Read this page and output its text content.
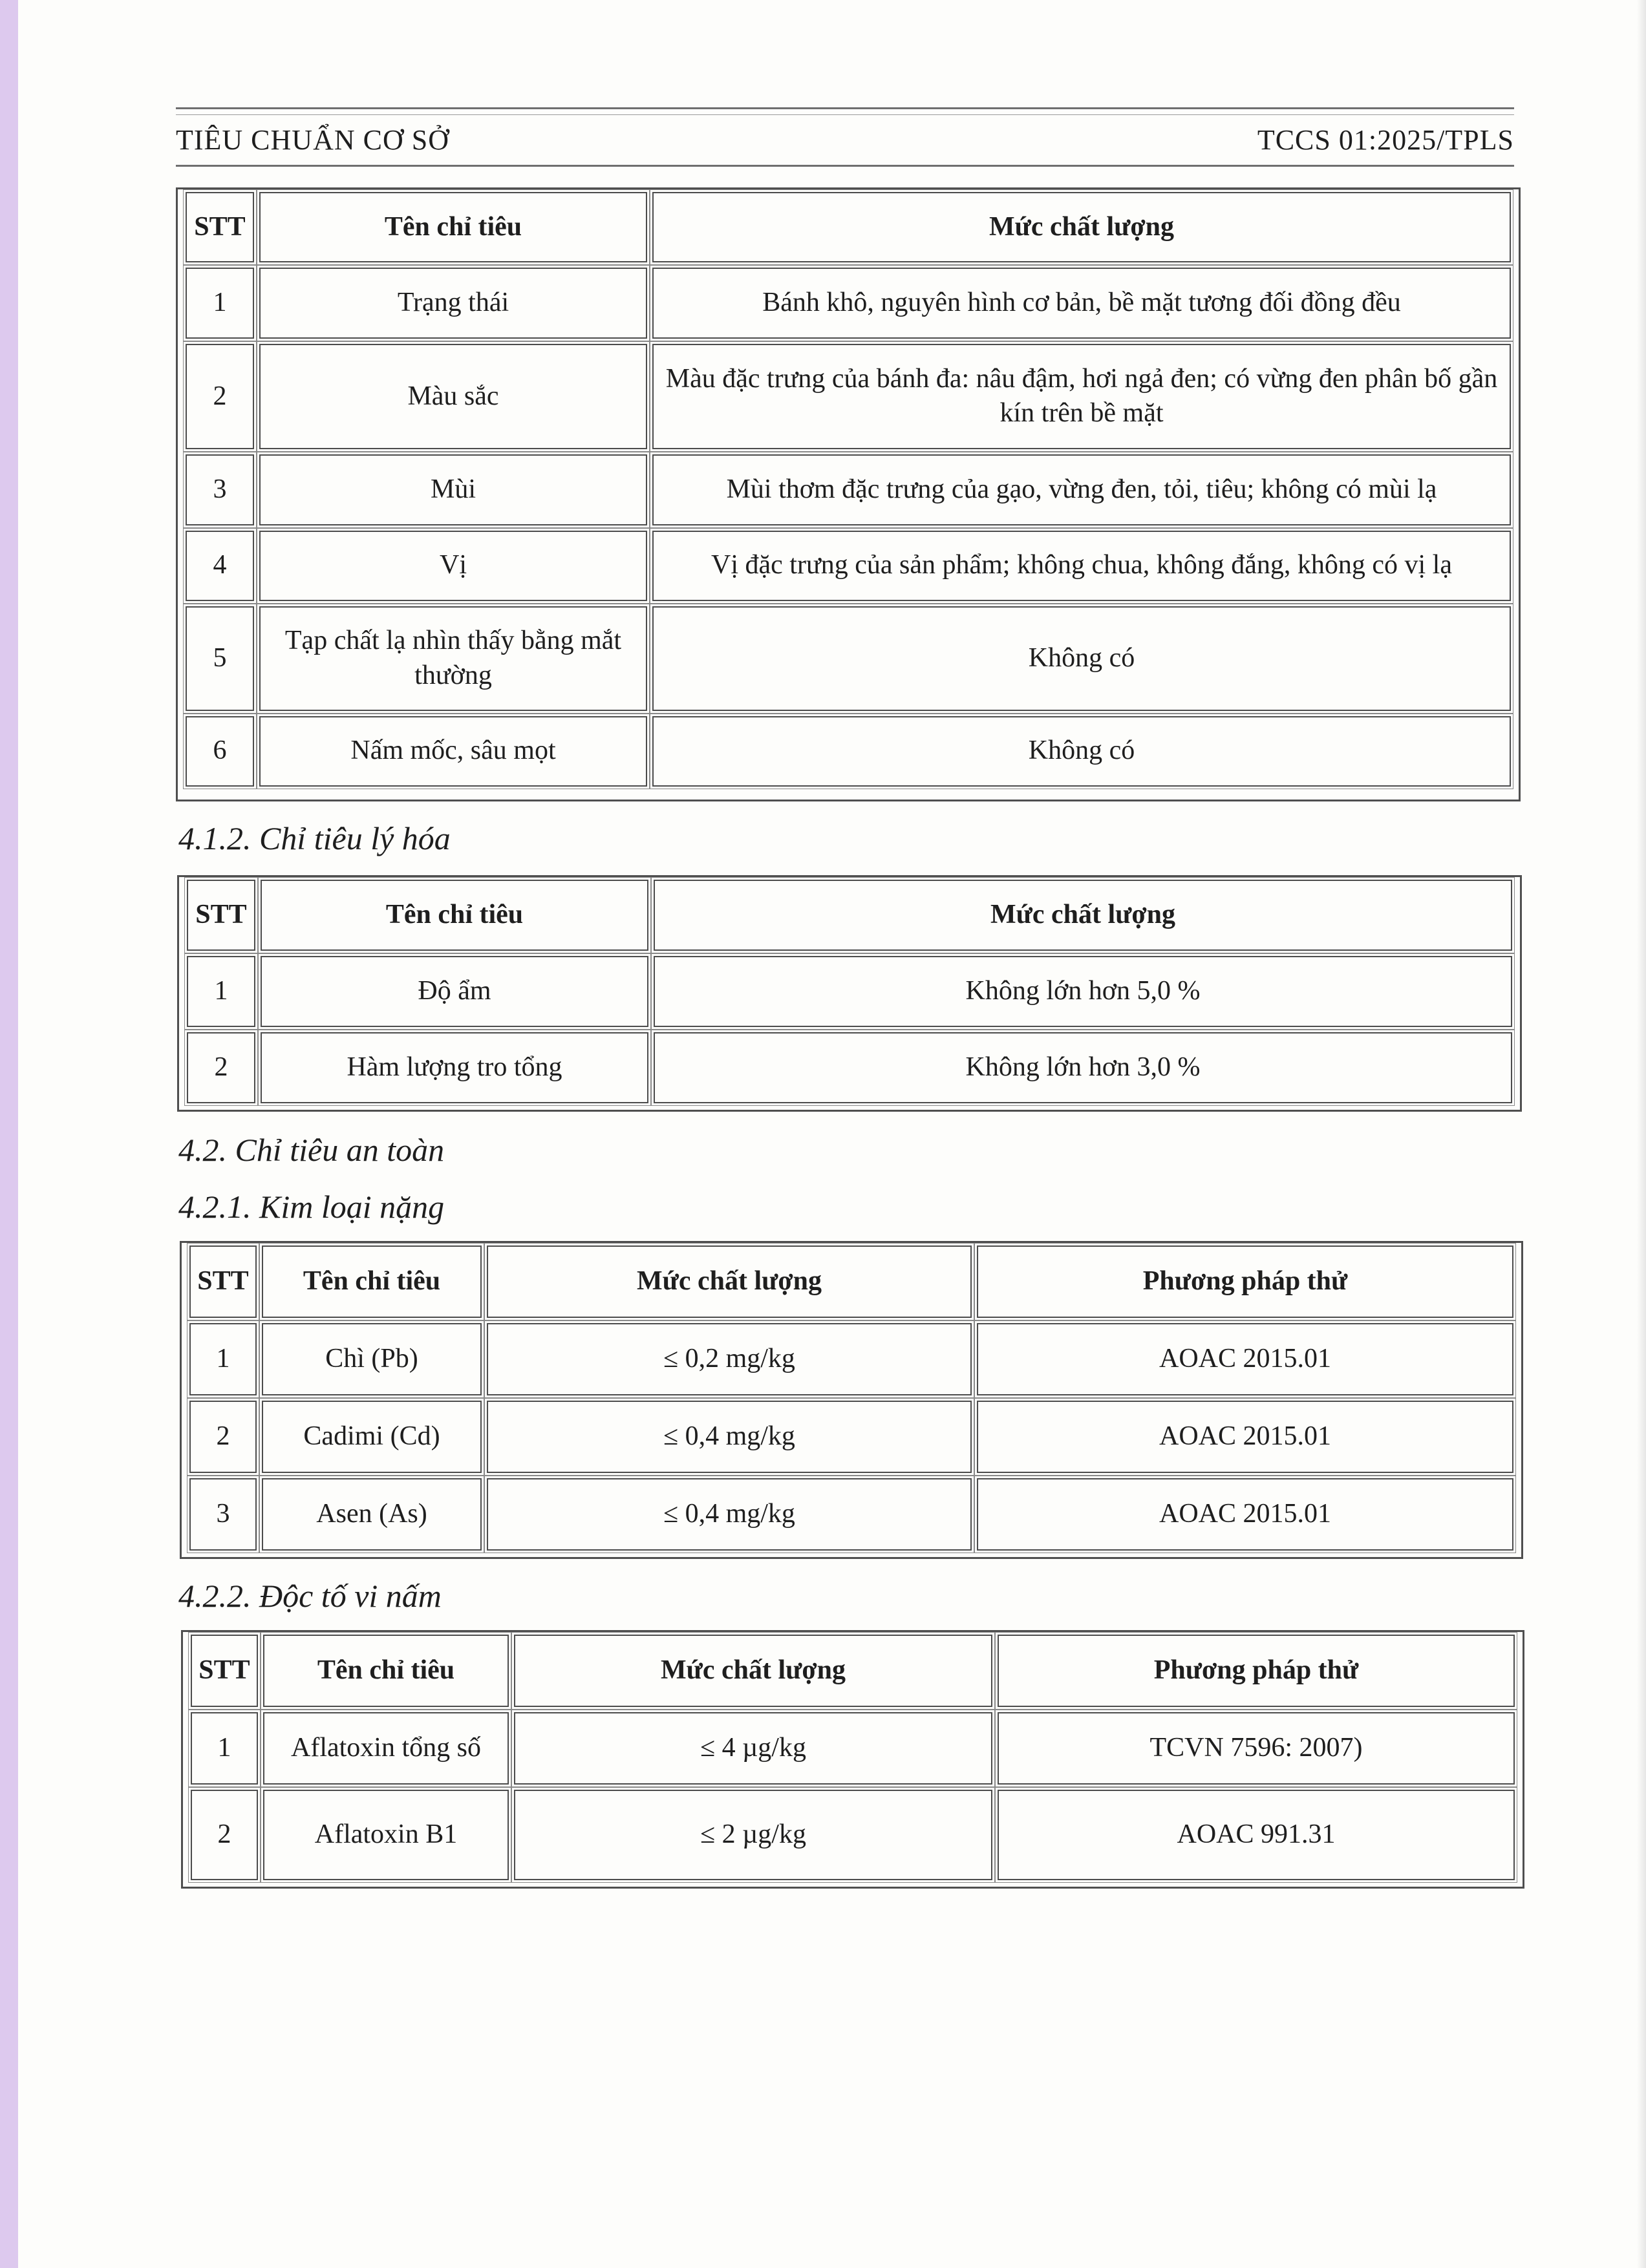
TIÊU CHUẨN CƠ SỞ	TCCS 01:2025/TPLS
STT	Tên chỉ tiêu	Mức chất lượng
1	Trạng thái	Bánh khô, nguyên hình cơ bản, bề mặt tương đối đồng đều
2	Màu sắc	Màu đặc trưng của bánh đa: nâu đậm, hơi ngả đen; có vừng đen phân bố gần kín trên bề mặt
3	Mùi	Mùi thơm đặc trưng của gạo, vừng đen, tỏi, tiêu; không có mùi lạ
4	Vị	Vị đặc trưng của sản phẩm; không chua, không đắng, không có vị lạ
5	Tạp chất lạ nhìn thấy bằng mắt thường	Không có
6	Nấm mốc, sâu mọt	Không có
4.1.2. Chỉ tiêu lý hóa
STT	Tên chỉ tiêu	Mức chất lượng
1	Độ ẩm	Không lớn hơn 5,0 %
2	Hàm lượng tro tổng	Không lớn hơn 3,0 %
4.2. Chỉ tiêu an toàn
4.2.1. Kim loại nặng
STT	Tên chỉ tiêu	Mức chất lượng	Phương pháp thử
1	Chì (Pb)	≤ 0,2 mg/kg	AOAC 2015.01
2	Cadimi (Cd)	≤ 0,4 mg/kg	AOAC 2015.01
3	Asen (As)	≤ 0,4 mg/kg	AOAC 2015.01
4.2.2. Độc tố vi nấm
STT	Tên chỉ tiêu	Mức chất lượng	Phương pháp thử
1	Aflatoxin tổng số	≤ 4 µg/kg	TCVN 7596: 2007)
2	Aflatoxin B1	≤ 2 µg/kg	AOAC 991.31
